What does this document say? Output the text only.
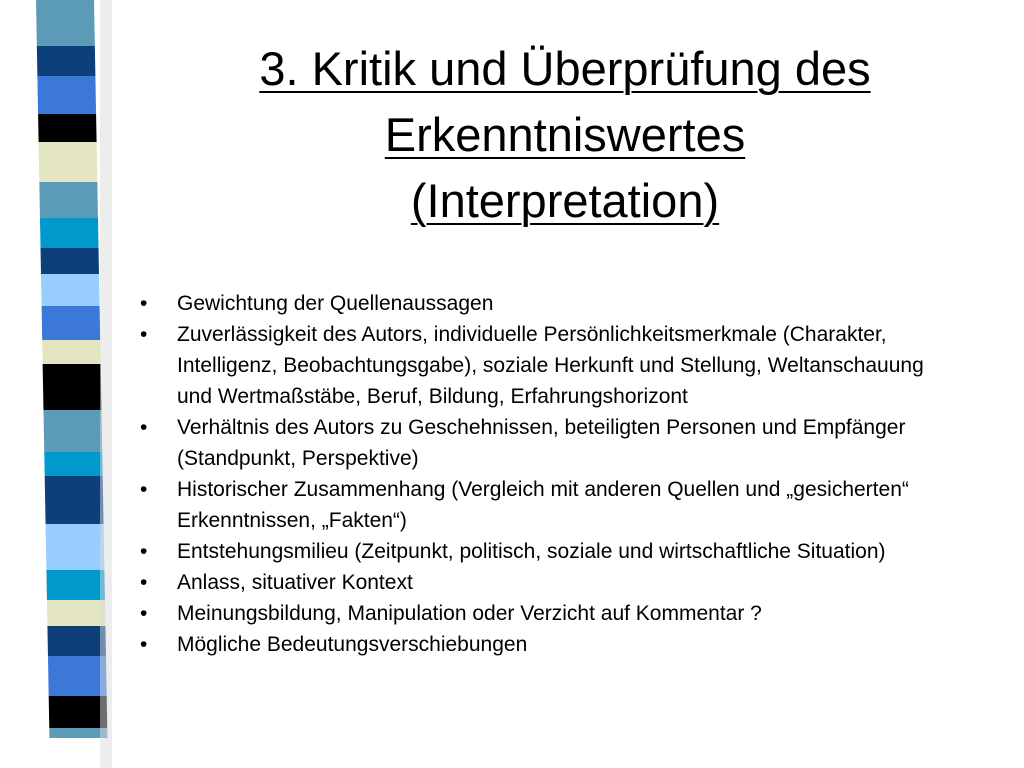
3. Kritik und Überprüfung des
Erkenntniswertes
(Interpretation)
• Gewichtung der Quellenaussagen
• Zuverlässigkeit des Autors, individuelle Persönlichkeitsmerkmale (Charakter, Intelligenz, Beobachtungsgabe), soziale Herkunft und Stellung, Weltanschauung und Wertmaßstäbe, Beruf, Bildung, Erfahrungshorizont
• Verhältnis des Autors zu Geschehnissen, beteiligten Personen und Empfänger (Standpunkt, Perspektive)
• Historischer Zusammenhang (Vergleich mit anderen Quellen und „gesicherten“ Erkenntnissen, „Fakten“)
• Entstehungsmilieu (Zeitpunkt, politisch, soziale und wirtschaftliche Situation)
• Anlass, situativer Kontext
• Meinungsbildung, Manipulation oder Verzicht auf Kommentar ?
• Mögliche Bedeutungsverschiebungen
